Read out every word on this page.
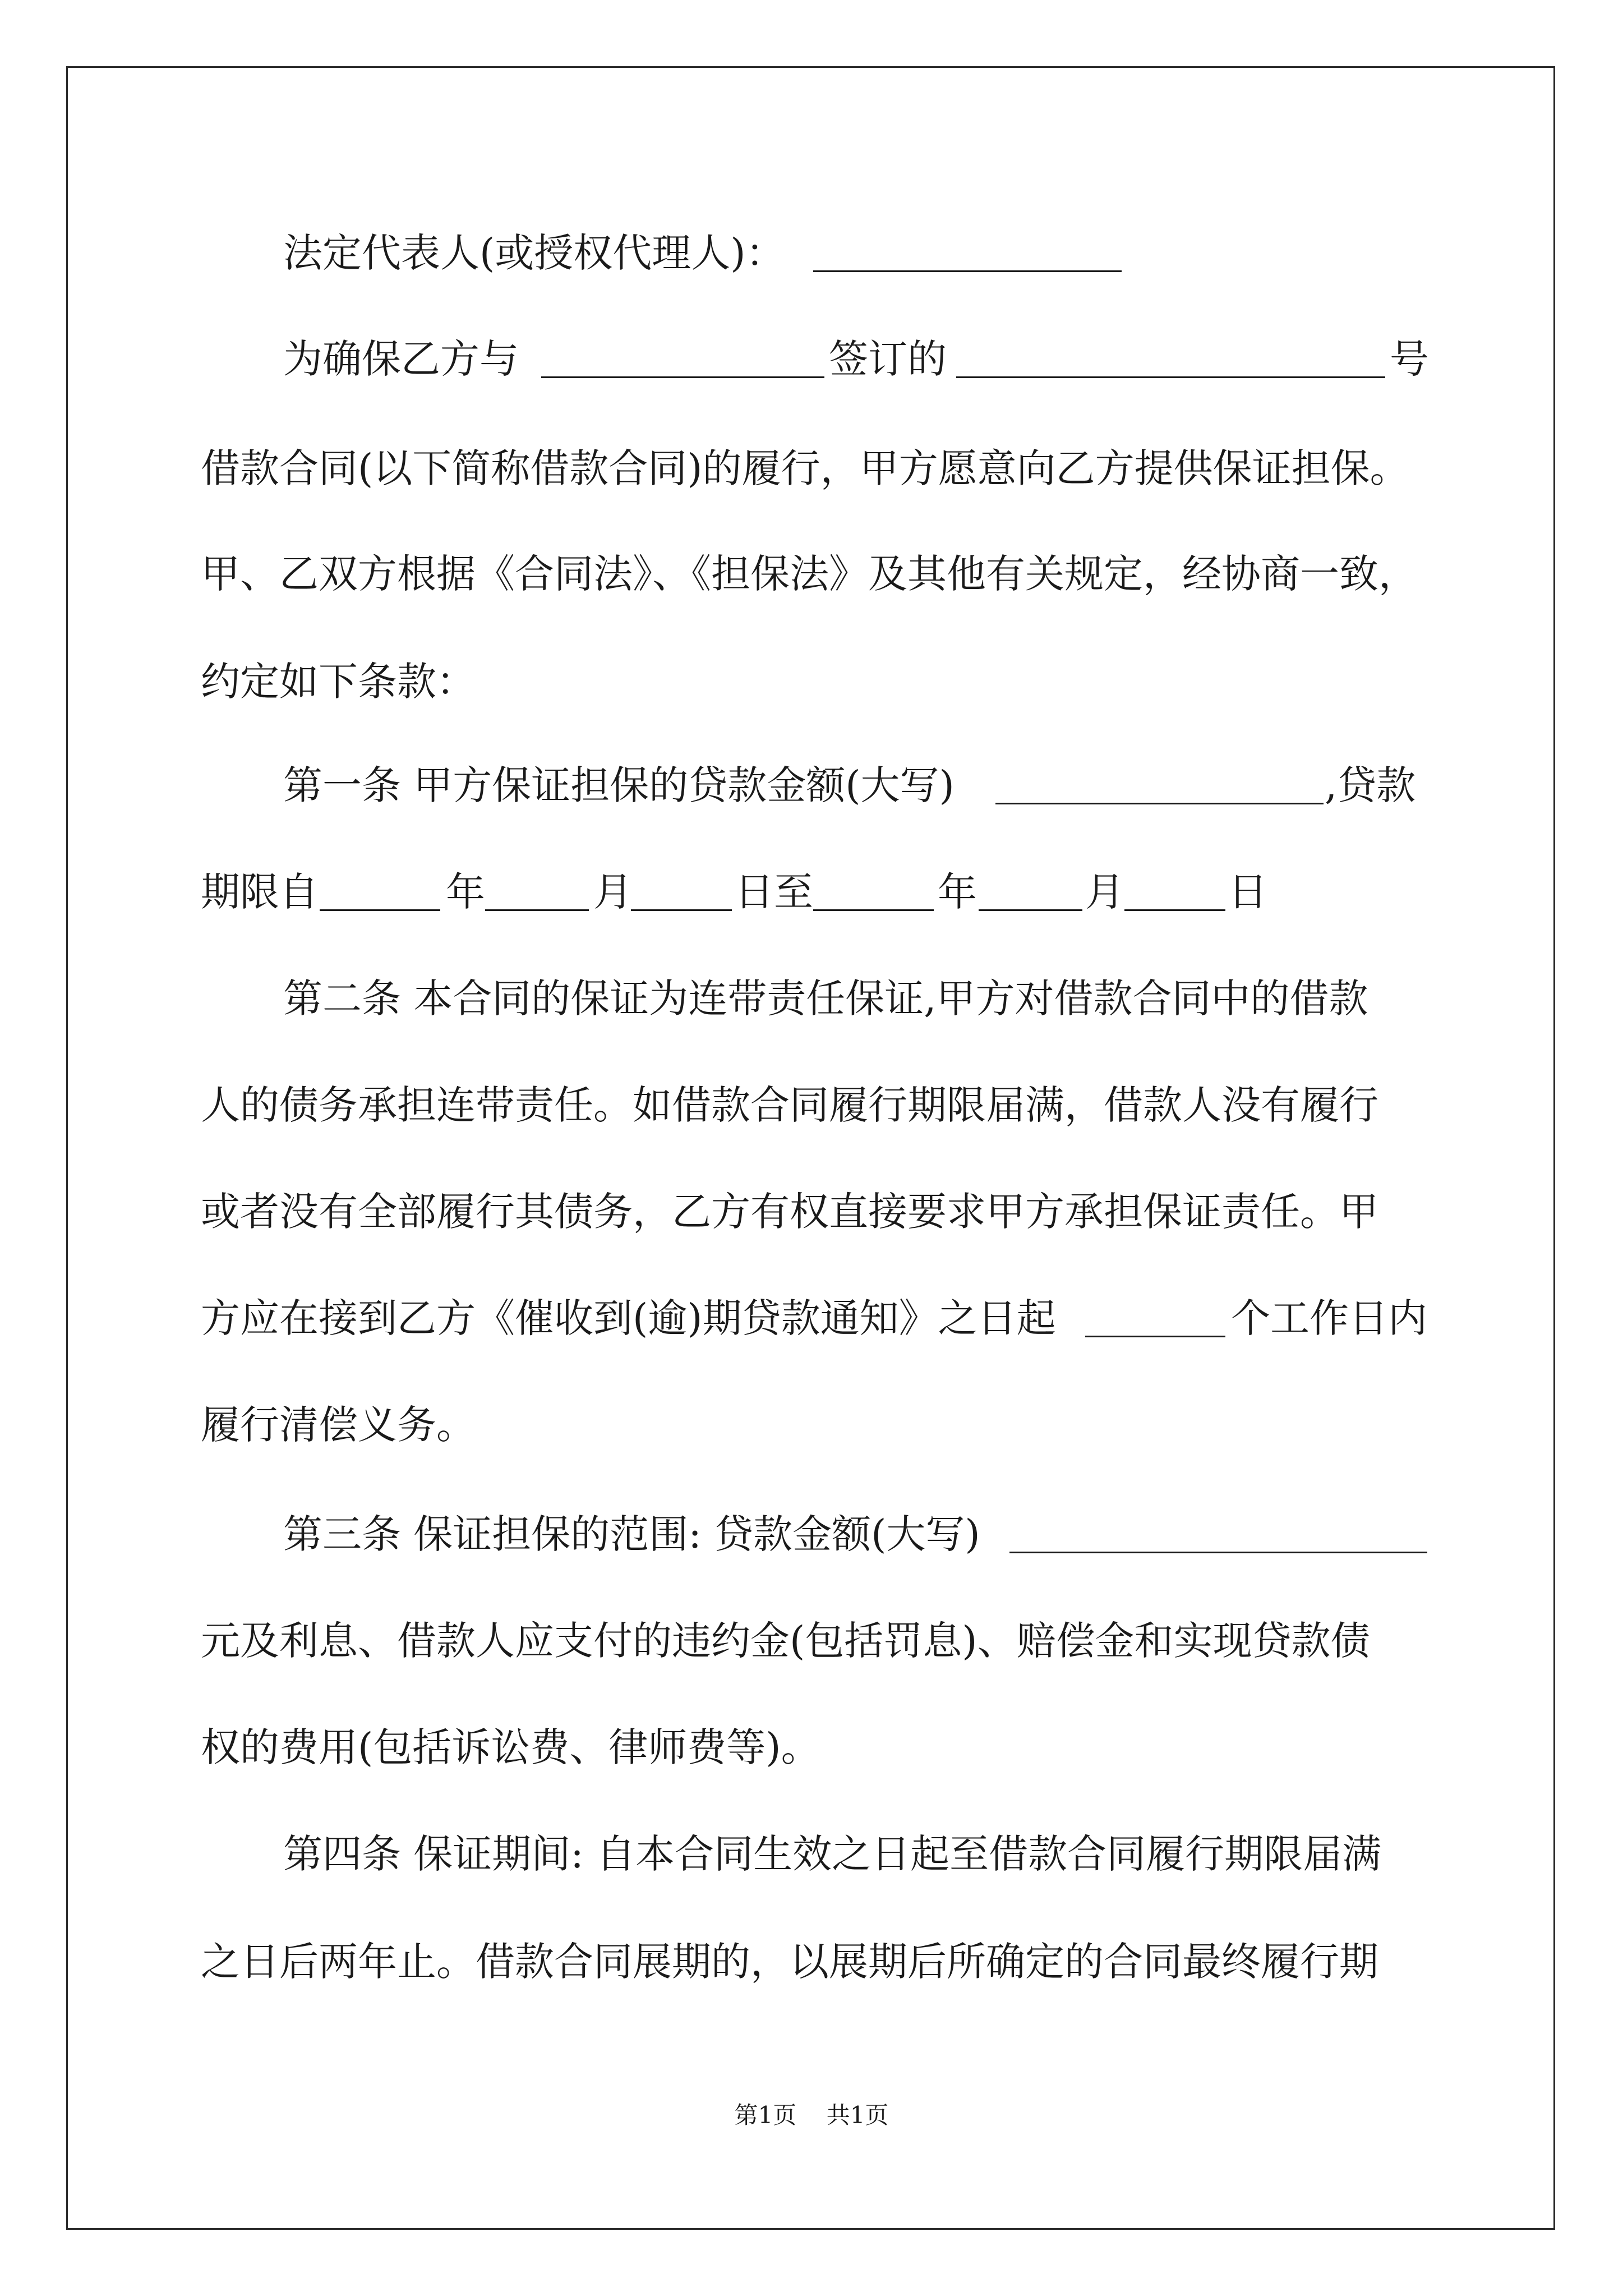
法定代表人(或授权代理人)：
为确保乙方与	签订的	号
借款合同(以下简称借款合同)的履行，甲方愿意向乙方提供保证担保。
甲、乙双方根据《合同法》、《担保法》及其他有关规定，经协商一致，
约定如下条款：
第一条 甲方保证担保的贷款金额(大写)	,贷款
期限自	年	月	日至	年	月	日
第二条 本合同的保证为连带责任保证,甲方对借款合同中的借款
人的债务承担连带责任。如借款合同履行期限届满，借款人没有履行
或者没有全部履行其债务，乙方有权直接要求甲方承担保证责任。甲
方应在接到乙方《催收到(逾)期贷款通知》之日起	个工作日内
履行清偿义务。
第三条 保证担保的范围: 贷款金额(大写)
元及利息、借款人应支付的违约金(包括罚息)、赔偿金和实现贷款债
权的费用(包括诉讼费、律师费等)。
第四条 保证期间: 自本合同生效之日起至借款合同履行期限届满
之日后两年止。借款合同展期的，以展期后所确定的合同最终履行期
第1页 共1页
